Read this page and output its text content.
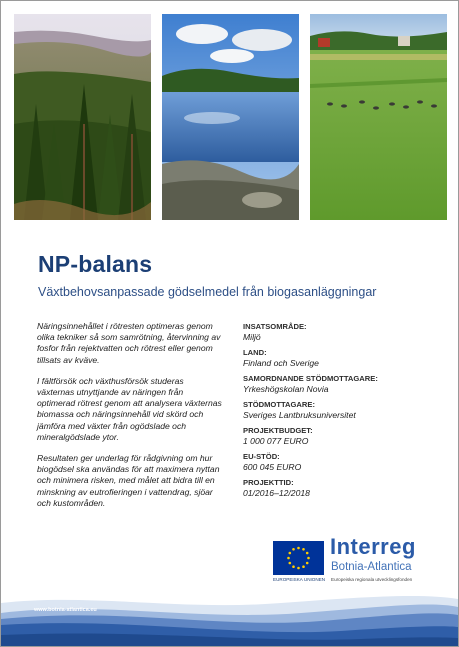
NP-balans

Växtbehovsanpassade gödselmedel från biogasanläggningar

Näringsinnehållet i rötresten optimeras genom olika tekniker så som samrötning, återvinning av fosfor från rejektvatten och rötrest eller genom tillsats av kväve.

I fältförsök och växthusförsök studeras växternas utnyttjande av näringen från optimerad rötrest genom att analysera växternas biomassa och näringsinnehåll vid skörd och jämföra med växter från ogödslade och mineralgödslade ytor.

Resultaten ger underlag för rådgivning om hur biogödsel ska användas för att maximera nyttan och minimera risken, med målet att bidra till en minskning av eutrofieringen i vattendrag, sjöar och kustområden.

INSATSOMRÅDE:
Miljö
LAND:
Finland och Sverige
SAMORDNANDE STÖDMOTTAGARE:
Yrkeshögskolan Novia
STÖDMOTTAGARE:
Sveriges Lantbruksuniversitet
PROJEKTBUDGET:
1 000 077 EURO
EU-STÖD:
600 045 EURO
PROJEKTTID:
01/2016–12/2018
EUROPEISKA UNIONEN
Interreg
Botnia-Atlantica
Europeiska regionala utvecklingsfonden
www.botnia-atlantica.eu
